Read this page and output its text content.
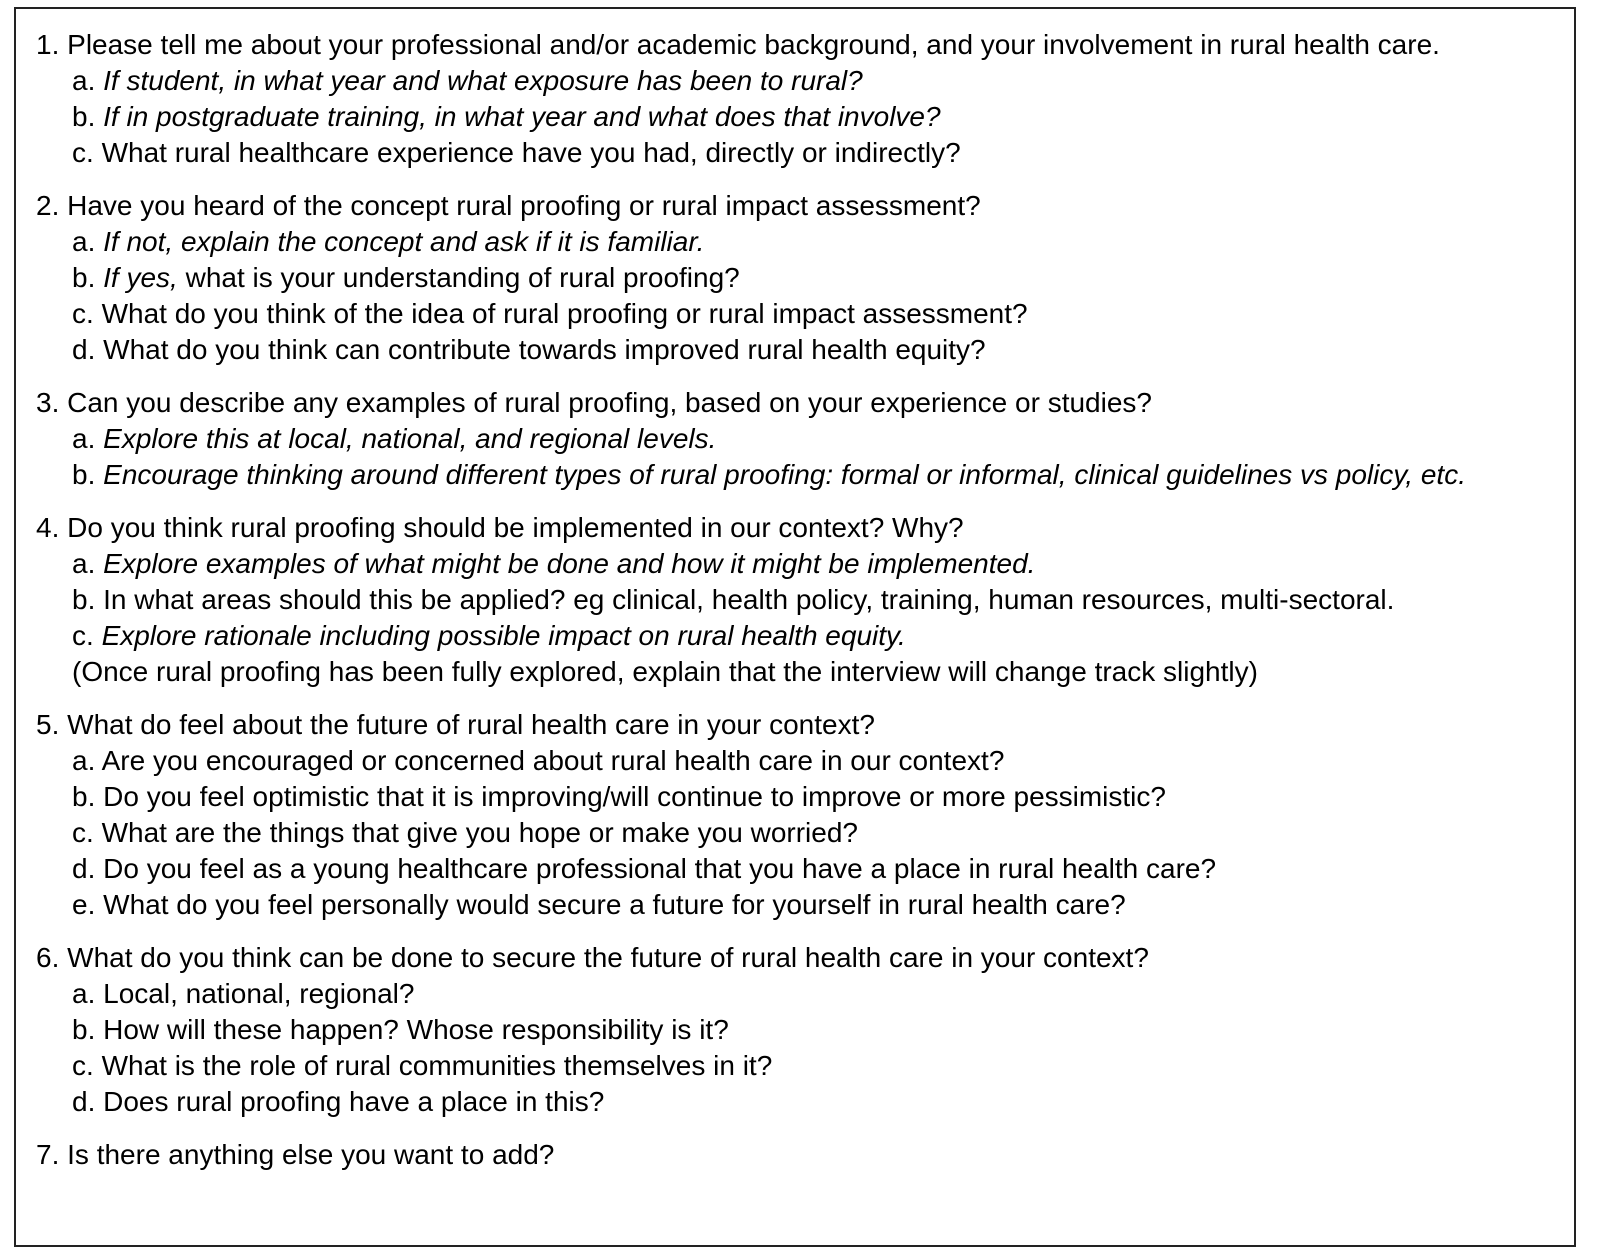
1. Please tell me about your professional and/or academic background, and your involvement in rural health care.
a. If student, in what year and what exposure has been to rural?
b. If in postgraduate training, in what year and what does that involve?
c. What rural healthcare experience have you had, directly or indirectly?
2. Have you heard of the concept rural proofing or rural impact assessment?
a. If not, explain the concept and ask if it is familiar.
b. If yes, what is your understanding of rural proofing?
c. What do you think of the idea of rural proofing or rural impact assessment?
d. What do you think can contribute towards improved rural health equity?
3. Can you describe any examples of rural proofing, based on your experience or studies?
a. Explore this at local, national, and regional levels.
b. Encourage thinking around different types of rural proofing: formal or informal, clinical guidelines vs policy, etc.
4. Do you think rural proofing should be implemented in our context? Why?
a. Explore examples of what might be done and how it might be implemented.
b. In what areas should this be applied? eg clinical, health policy, training, human resources, multi-sectoral.
c. Explore rationale including possible impact on rural health equity.
(Once rural proofing has been fully explored, explain that the interview will change track slightly)
5. What do feel about the future of rural health care in your context?
a. Are you encouraged or concerned about rural health care in our context?
b. Do you feel optimistic that it is improving/will continue to improve or more pessimistic?
c. What are the things that give you hope or make you worried?
d. Do you feel as a young healthcare professional that you have a place in rural health care?
e. What do you feel personally would secure a future for yourself in rural health care?
6. What do you think can be done to secure the future of rural health care in your context?
a. Local, national, regional?
b. How will these happen? Whose responsibility is it?
c. What is the role of rural communities themselves in it?
d. Does rural proofing have a place in this?
7. Is there anything else you want to add?
